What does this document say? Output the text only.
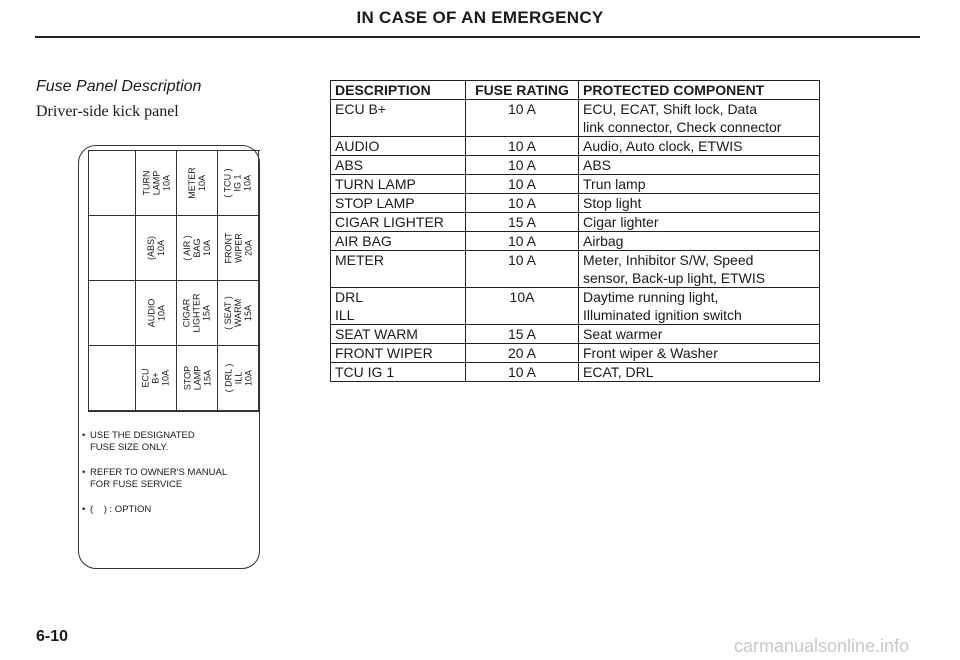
IN CASE OF AN EMERGENCY
Fuse Panel Description
Driver-side kick panel
TURN
LAMP
10A METER
10A
( TCU )
IG 1
10A
(ABS)
10A
( AIR )
BAG
10A FRONT
WIPER
20A
AUDIO
10A CIGAR
LIGHTER
15A
( SEAT )
WARM
15A
ECU
B+
10A STOP
LAMP
15A
( DRL )
ILL
10A
• USE THE DESIGNATED
FUSE SIZE ONLY.
• REFER TO OWNER'S MANUAL
FOR FUSE SERVICE
• (    ) : OPTION
DESCRIPTION	FUSE RATING	PROTECTED COMPONENT
ECU B+	10 A	ECU, ECAT, Shift lock, Data
link connector, Check connector
AUDIO	10 A	Audio, Auto clock, ETWIS
ABS	10 A	ABS
TURN LAMP	10 A	Trun lamp
STOP LAMP	10 A	Stop light
CIGAR LIGHTER	15 A	Cigar lighter
AIR BAG	10 A	Airbag
METER	10 A	Meter, Inhibitor S/W, Speed
sensor, Back-up light, ETWIS
DRL
ILL	10A	Daytime running light,
Illuminated ignition switch
SEAT WARM	15 A	Seat warmer
FRONT WIPER	20 A	Front wiper & Washer
TCU IG 1	10 A	ECAT, DRL
6-10	carmanualsonline.info
